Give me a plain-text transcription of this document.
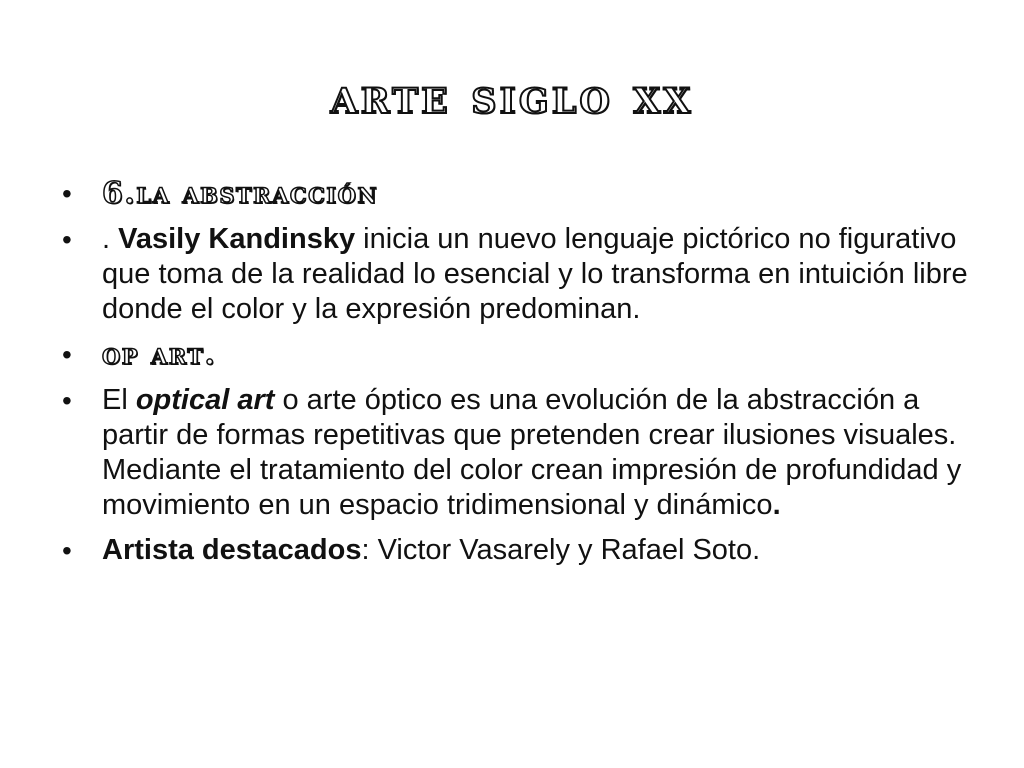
arte siglo xx
•	6.la abstracción
•	. Vasily Kandinsky inicia un nuevo lenguaje pictórico no figurativo que toma de la realidad lo esencial y lo transforma en intuición libre donde el color y la expresión predominan.
•	op art.
•	El optical art o arte óptico es una evolución de la abstracción a partir de formas repetitivas que pretenden crear ilusiones visuales. Mediante el tratamiento del color crean impresión de profundidad y movimiento en un espacio tridimensional y dinámico.
•	Artista destacados: Victor Vasarely y Rafael Soto.
